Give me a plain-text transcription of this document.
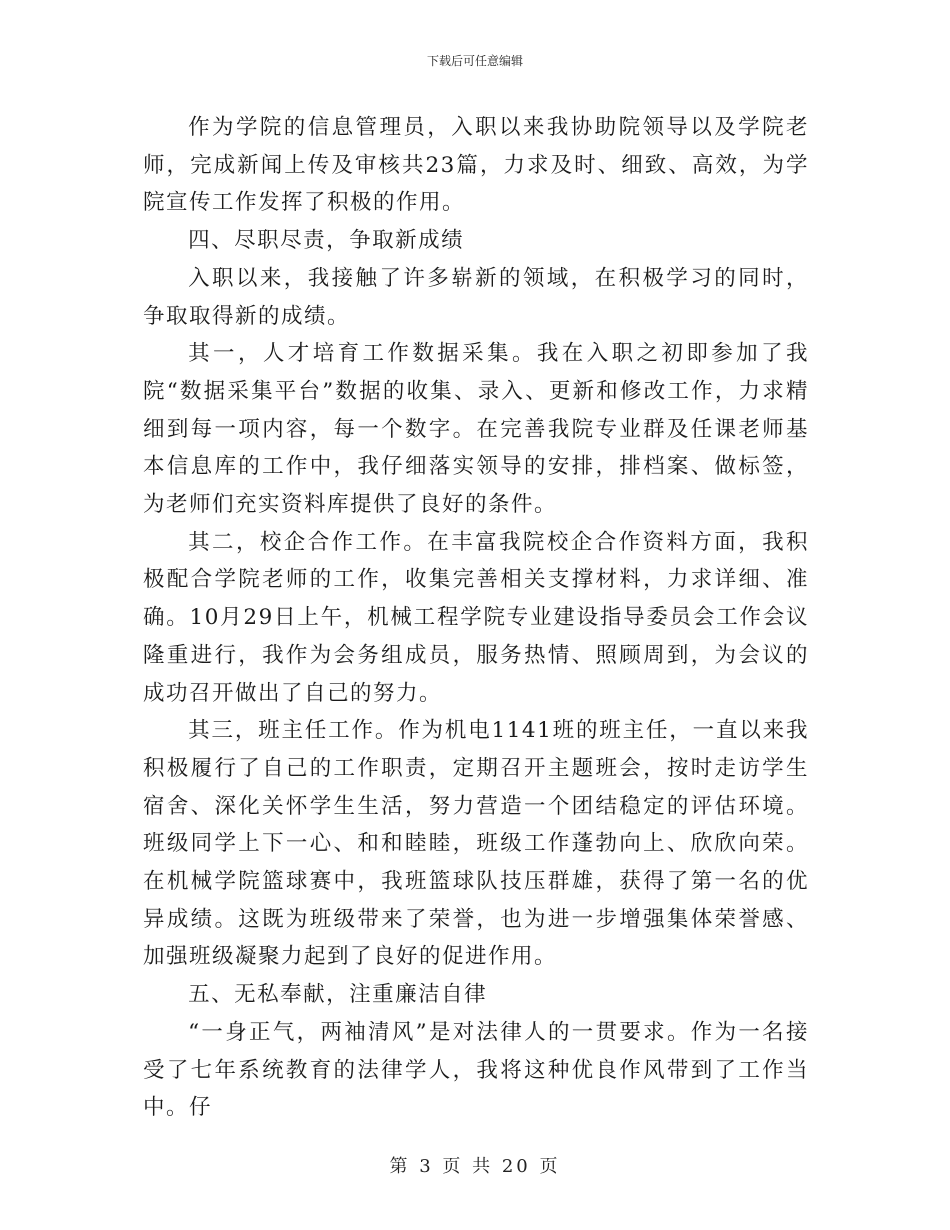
下载后可任意编辑

作为学院的信息管理员，入职以来我协助院领导以及学院老师，完成新闻上传及审核共23篇，力求及时、细致、高效，为学院宣传工作发挥了积极的作用。

四、尽职尽责，争取新成绩

入职以来，我接触了许多崭新的领域，在积极学习的同时，争取取得新的成绩。

其一，人才培育工作数据采集。我在入职之初即参加了我院“数据采集平台”数据的收集、录入、更新和修改工作，力求精细到每一项内容，每一个数字。在完善我院专业群及任课老师基本信息库的工作中，我仔细落实领导的安排，排档案、做标签，为老师们充实资料库提供了良好的条件。

其二，校企合作工作。在丰富我院校企合作资料方面，我积极配合学院老师的工作，收集完善相关支撑材料，力求详细、准确。10月29日上午，机械工程学院专业建设指导委员会工作会议隆重进行，我作为会务组成员，服务热情、照顾周到，为会议的成功召开做出了自己的努力。

其三，班主任工作。作为机电1141班的班主任，一直以来我积极履行了自己的工作职责，定期召开主题班会，按时走访学生宿舍、深化关怀学生生活，努力营造一个团结稳定的评估环境。班级同学上下一心、和和睦睦，班级工作蓬勃向上、欣欣向荣。在机械学院篮球赛中，我班篮球队技压群雄，获得了第一名的优异成绩。这既为班级带来了荣誉，也为进一步增强集体荣誉感、加强班级凝聚力起到了良好的促进作用。

五、无私奉献，注重廉洁自律

“一身正气，两袖清风”是对法律人的一贯要求。作为一名接受了七年系统教育的法律学人，我将这种优良作风带到了工作当中。仔

第 3 页 共 20 页
